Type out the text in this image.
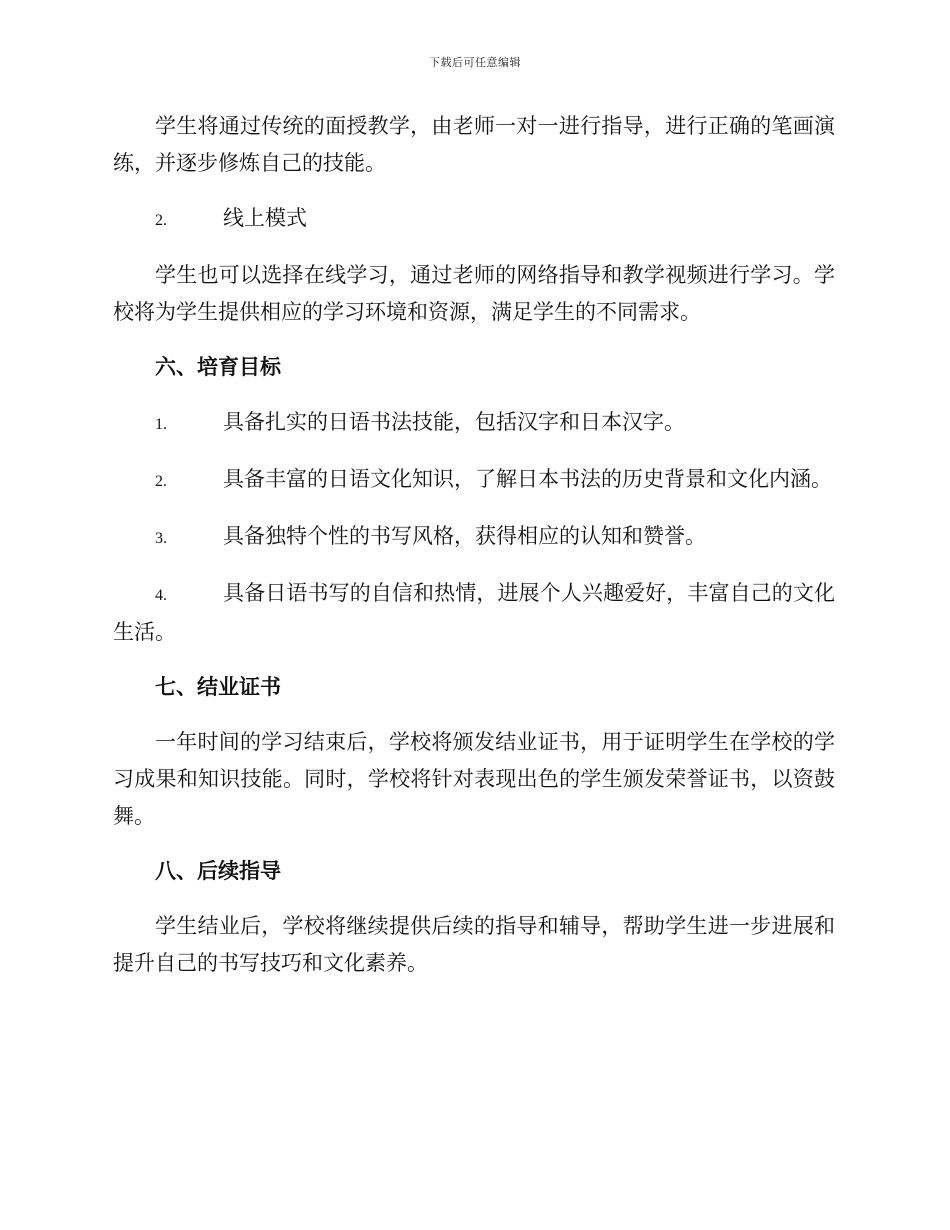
下载后可任意编辑

学生将通过传统的面授教学，由老师一对一进行指导，进行正确的笔画演练，并逐步修炼自己的技能。

2.	线上模式

学生也可以选择在线学习，通过老师的网络指导和教学视频进行学习。学校将为学生提供相应的学习环境和资源，满足学生的不同需求。

六、培育目标

1.	具备扎实的日语书法技能，包括汉字和日本汉字。

2.	具备丰富的日语文化知识，了解日本书法的历史背景和文化内涵。

3.	具备独特个性的书写风格，获得相应的认知和赞誉。

4.	具备日语书写的自信和热情，进展个人兴趣爱好，丰富自己的文化生活。

七、结业证书

一年时间的学习结束后，学校将颁发结业证书，用于证明学生在学校的学习成果和知识技能。同时，学校将针对表现出色的学生颁发荣誉证书，以资鼓舞。

八、后续指导

学生结业后，学校将继续提供后续的指导和辅导，帮助学生进一步进展和提升自己的书写技巧和文化素养。
